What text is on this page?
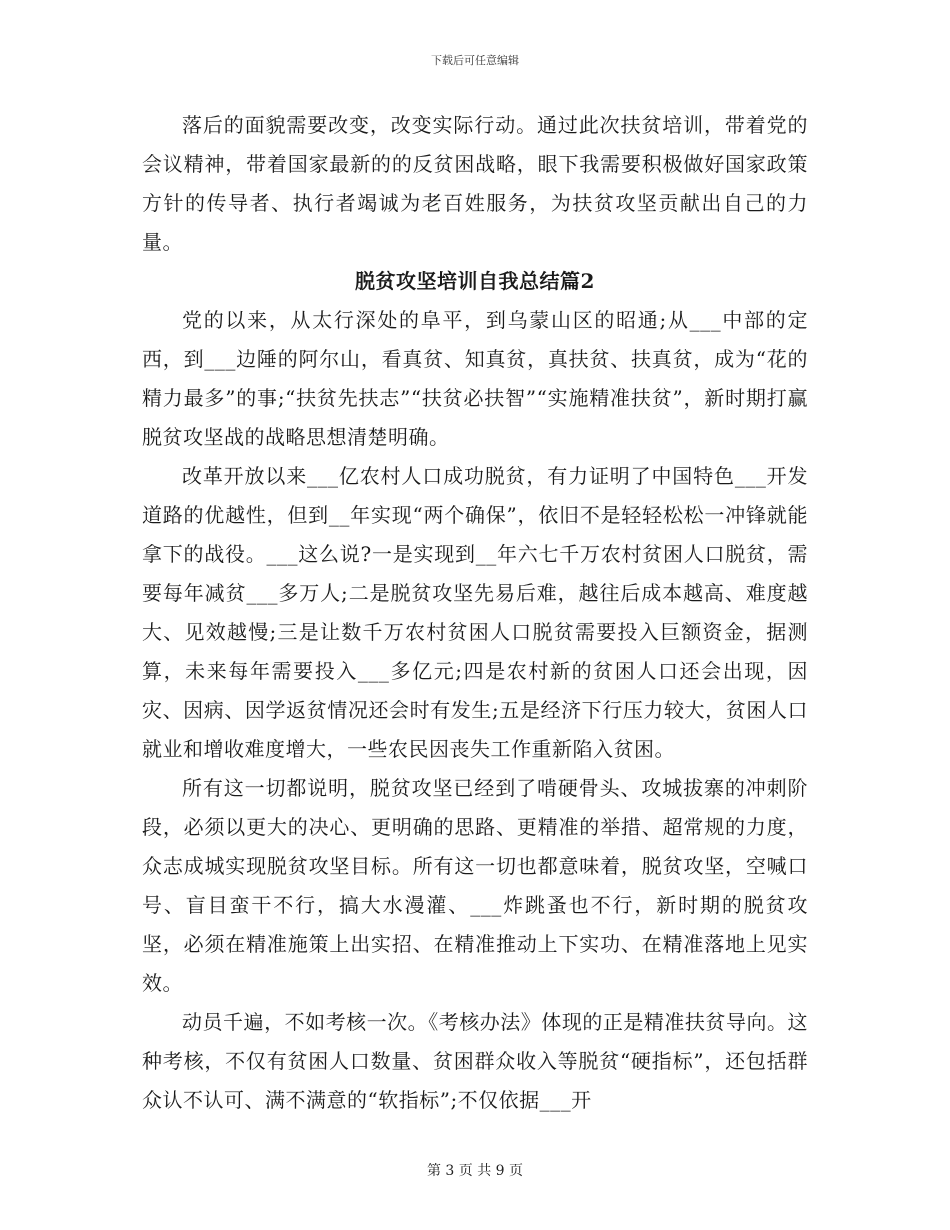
下载后可任意编辑

落后的面貌需要改变，改变实际行动。通过此次扶贫培训，带着党的会议精神，带着国家最新的的反贫困战略，眼下我需要积极做好国家政策方针的传导者、执行者竭诚为老百姓服务，为扶贫攻坚贡献出自己的力量。

脱贫攻坚培训自我总结篇2

党的以来，从太行深处的阜平，到乌蒙山区的昭通;从___中部的定西，到___边陲的阿尔山，看真贫、知真贫，真扶贫、扶真贫，成为“花的精力最多”的事;“扶贫先扶志”“扶贫必扶智”“实施精准扶贫”，新时期打赢脱贫攻坚战的战略思想清楚明确。

改革开放以来___亿农村人口成功脱贫，有力证明了中国特色___开发道路的优越性，但到__年实现“两个确保”，依旧不是轻轻松松一冲锋就能拿下的战役。___这么说?一是实现到__年六七千万农村贫困人口脱贫，需要每年减贫___多万人;二是脱贫攻坚先易后难，越往后成本越高、难度越大、见效越慢;三是让数千万农村贫困人口脱贫需要投入巨额资金，据测算，未来每年需要投入___多亿元;四是农村新的贫困人口还会出现，因灾、因病、因学返贫情况还会时有发生;五是经济下行压力较大，贫困人口就业和增收难度增大，一些农民因丧失工作重新陷入贫困。

所有这一切都说明，脱贫攻坚已经到了啃硬骨头、攻城拔寨的冲刺阶段，必须以更大的决心、更明确的思路、更精准的举措、超常规的力度，众志成城实现脱贫攻坚目标。所有这一切也都意味着，脱贫攻坚，空喊口号、盲目蛮干不行，搞大水漫灌、___炸跳蚤也不行，新时期的脱贫攻坚，必须在精准施策上出实招、在精准推动上下实功、在精准落地上见实效。

动员千遍，不如考核一次。《考核办法》体现的正是精准扶贫导向。这种考核，不仅有贫困人口数量、贫困群众收入等脱贫“硬指标”，还包括群众认不认可、满不满意的“软指标”;不仅依据___开

第 3 页 共 9 页
